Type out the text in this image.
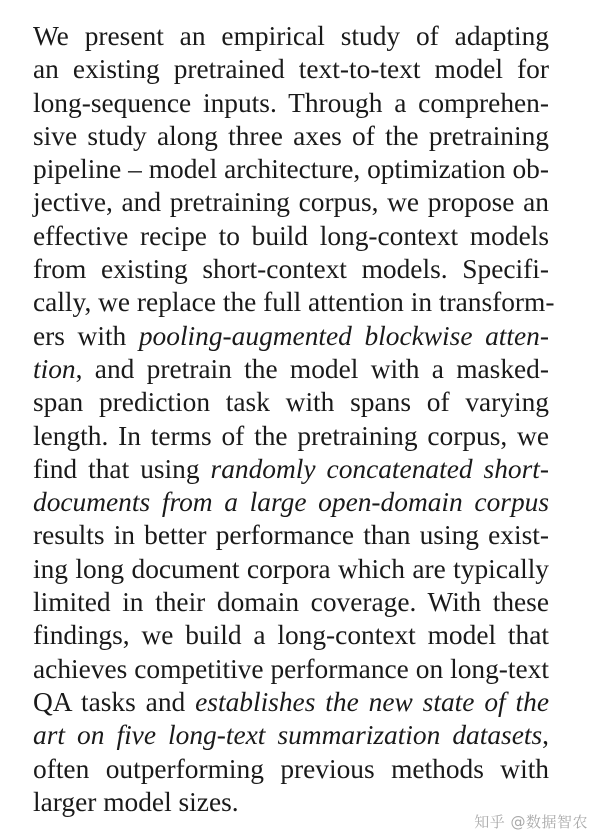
We present an empirical study of adapting
an existing pretrained text-to-text model for
long-sequence inputs. Through a comprehen-
sive study along three axes of the pretraining
pipeline – model architecture, optimization ob-
jective, and pretraining corpus, we propose an
effective recipe to build long-context models
from existing short-context models. Specifi-
cally, we replace the full attention in transform-
ers with pooling-augmented blockwise atten-
tion, and pretrain the model with a masked-
span prediction task with spans of varying
length. In terms of the pretraining corpus, we
find that using randomly concatenated short-
documents from a large open-domain corpus
results in better performance than using exist-
ing long document corpora which are typically
limited in their domain coverage. With these
findings, we build a long-context model that
achieves competitive performance on long-text
QA tasks and establishes the new state of the
art on five long-text summarization datasets,
often outperforming previous methods with
larger model sizes.
知乎 @数据智农
